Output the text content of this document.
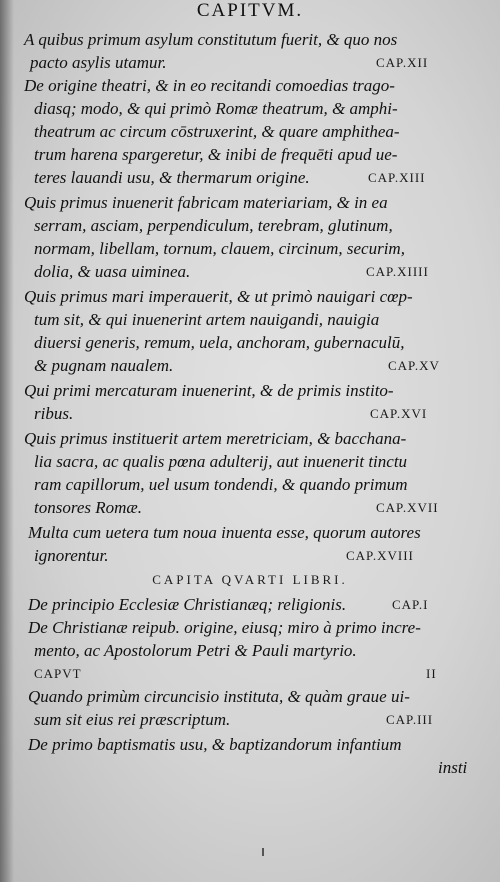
CAPITVM.
A quibus primum asylum constitutum fuerit, & quo nos
pacto asylis utamur.	CAP.XII
De origine theatri, & in eo recitandi comoedias trago-
diasq; modo, & qui primò Romæ theatrum, & amphi-
theatrum ac circum cōstruxerint, & quare amphithea-
trum harena spargeretur, & inibi de frequēti apud ue-
teres lauandi usu, & thermarum origine.	CAP.XIII
Quis primus inuenerit fabricam materiariam, & in ea
serram, asciam, perpendiculum, terebram, glutinum,
normam, libellam, tornum, clauem, circinum, securim,
dolia, & uasa uiminea.	CAP.XIIII
Quis primus mari imperauerit, & ut primò nauigari cœp-
tum sit, & qui inuenerint artem nauigandi, nauigia
diuersi generis, remum, uela, anchoram, gubernaculū,
& pugnam naualem.	CAP.XV
Qui primi mercaturam inuenerint, & de primis instito-
ribus.	CAP.XVI
Quis primus instituerit artem meretriciam, & bacchana-
lia sacra, ac qualis pœna adulterij, aut inuenerit tinctu
ram capillorum, uel usum tondendi, & quando primum
tonsores Romæ.	CAP.XVII
Multa cum uetera tum noua inuenta esse, quorum autores
ignorentur.	CAP.XVIII
CAPITA QVARTI LIBRI.
De principio Ecclesiæ Christianæq; religionis.	CAP.I
De Christianæ reipub. origine, eiusq; miro à primo incre-
mento, ac Apostolorum Petri & Pauli martyrio.
CAPVT	II
Quando primùm circuncisio instituta, & quàm graue ui-
sum sit eius rei præscriptum.	CAP.III
De primo baptismatis usu, & baptizandorum infantium
insti
